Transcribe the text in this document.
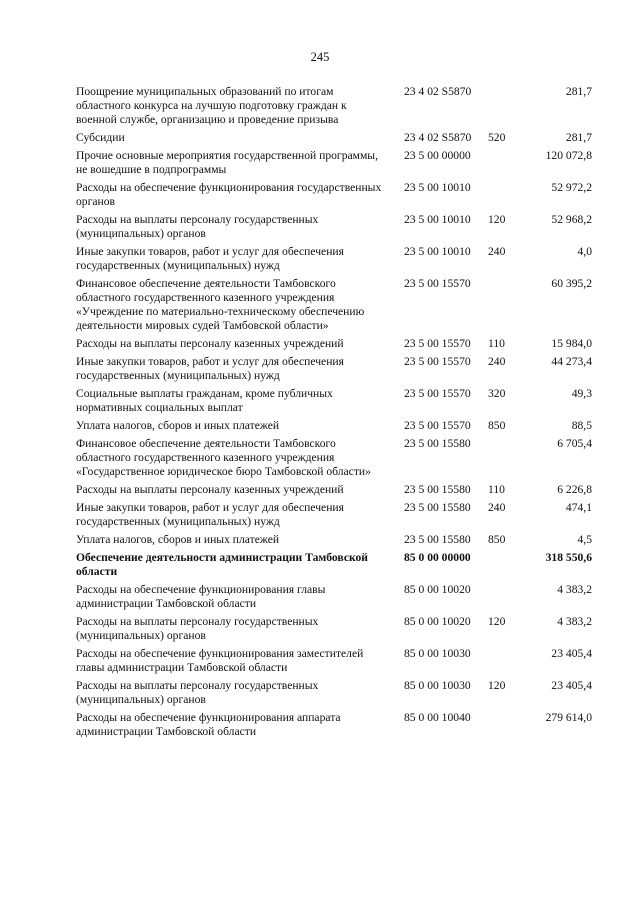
245
Поощрение муниципальных образований по итогам областного конкурса на лучшую подготовку граждан к военной службе, организацию и проведение призыва	23 4 02 S5870		281,7
Субсидии	23 4 02 S5870	520	281,7
Прочие основные мероприятия государственной программы, не вошедшие в подпрограммы	23 5 00 00000		120 072,8
Расходы на обеспечение функционирования государственных органов	23 5 00 10010		52 972,2
Расходы на выплаты персоналу государственных (муниципальных) органов	23 5 00 10010	120	52 968,2
Иные закупки товаров, работ и услуг для обеспечения государственных (муниципальных) нужд	23 5 00 10010	240	4,0
Финансовое обеспечение деятельности Тамбовского областного государственного казенного учреждения «Учреждение по материально-техническому обеспечению деятельности мировых судей Тамбовской области»	23 5 00 15570		60 395,2
Расходы на выплаты персоналу казенных учреждений	23 5 00 15570	110	15 984,0
Иные закупки товаров, работ и услуг для обеспечения государственных (муниципальных) нужд	23 5 00 15570	240	44 273,4
Социальные выплаты гражданам, кроме публичных нормативных социальных выплат	23 5 00 15570	320	49,3
Уплата налогов, сборов и иных платежей	23 5 00 15570	850	88,5
Финансовое обеспечение деятельности Тамбовского областного государственного казенного учреждения «Государственное юридическое бюро Тамбовской области»	23 5 00 15580		6 705,4
Расходы на выплаты персоналу казенных учреждений	23 5 00 15580	110	6 226,8
Иные закупки товаров, работ и услуг для обеспечения государственных (муниципальных) нужд	23 5 00 15580	240	474,1
Уплата налогов, сборов и иных платежей	23 5 00 15580	850	4,5
Обеспечение деятельности администрации Тамбовской области	85 0 00 00000		318 550,6
Расходы на обеспечение функционирования главы администрации Тамбовской области	85 0 00 10020		4 383,2
Расходы на выплаты персоналу государственных (муниципальных) органов	85 0 00 10020	120	4 383,2
Расходы на обеспечение функционирования заместителей главы администрации Тамбовской области	85 0 00 10030		23 405,4
Расходы на выплаты персоналу государственных (муниципальных) органов	85 0 00 10030	120	23 405,4
Расходы на обеспечение функционирования аппарата администрации Тамбовской области	85 0 00 10040		279 614,0
